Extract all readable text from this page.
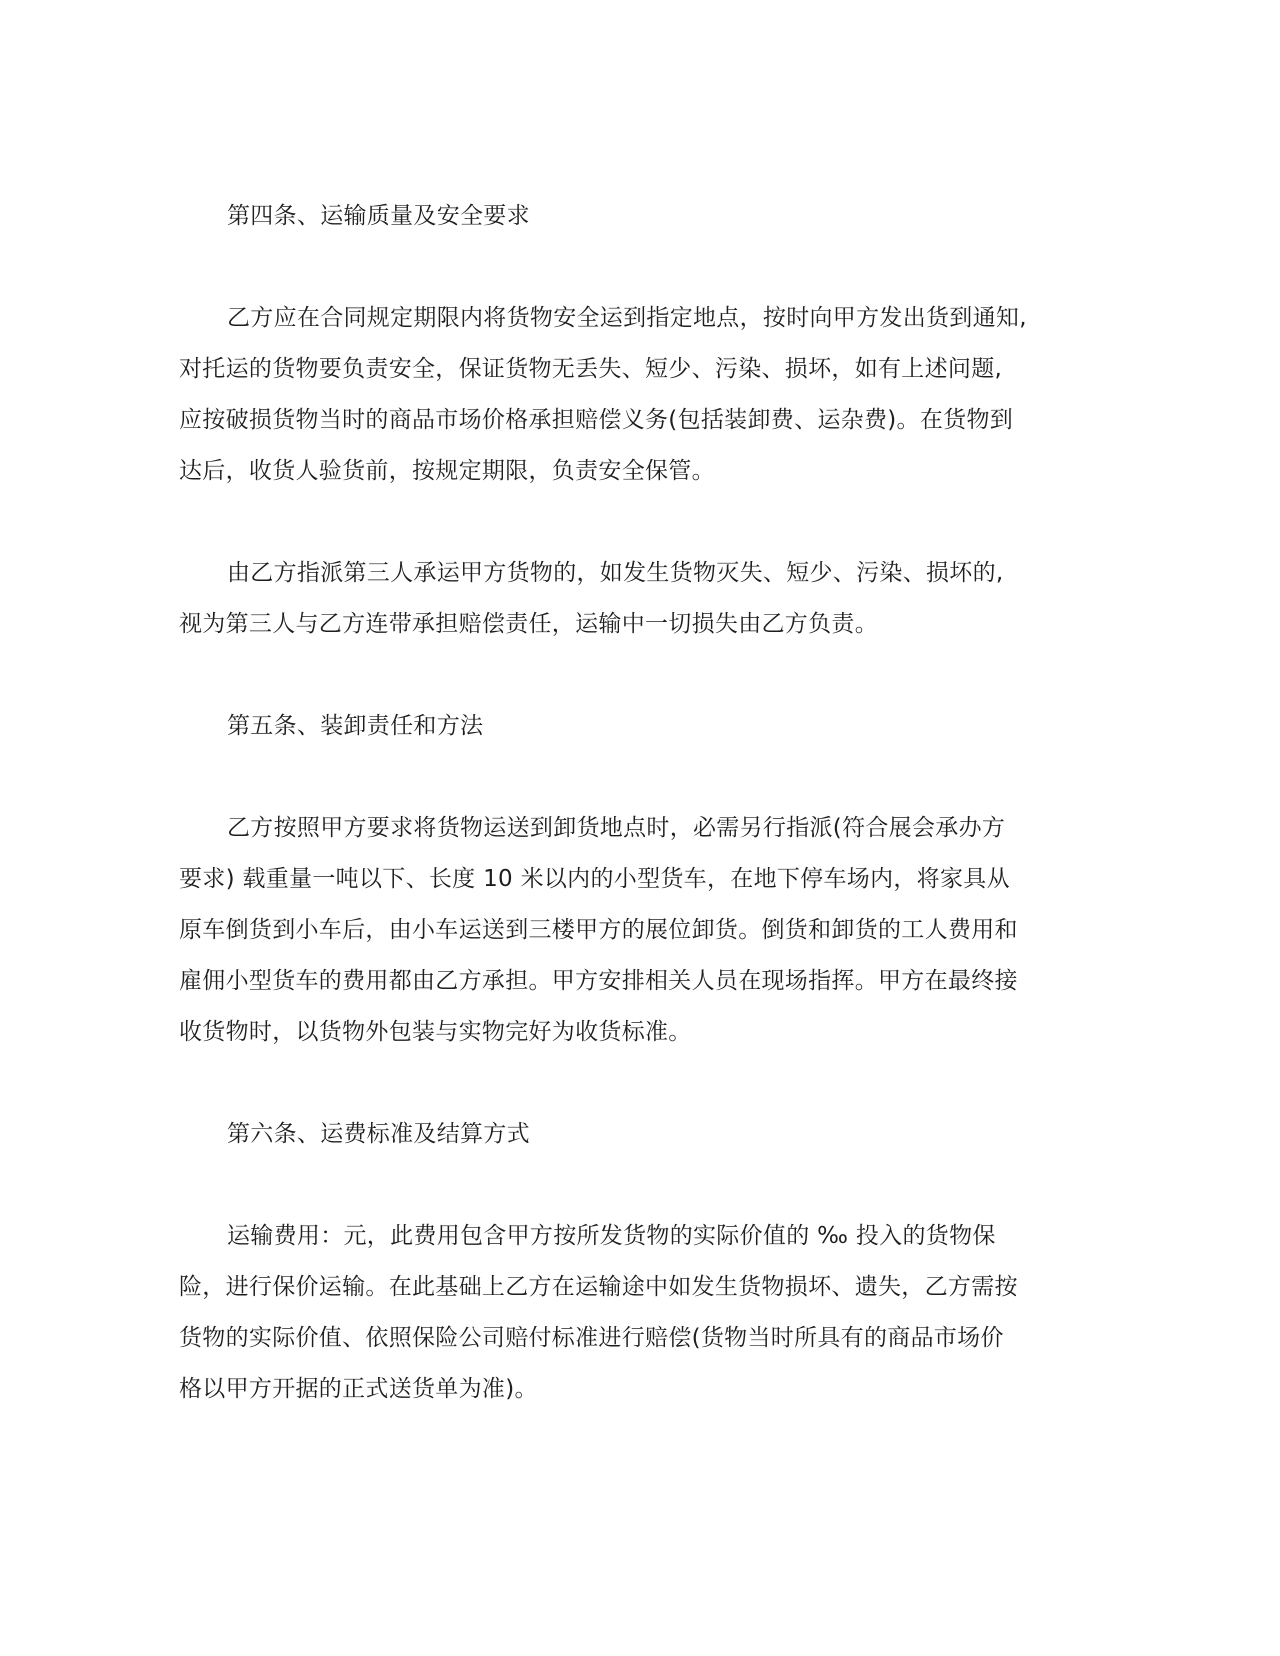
第四条、运输质量及安全要求
乙方应在合同规定期限内将货物安全运到指定地点，按时向甲方发出货到通知,
对托运的货物要负责安全，保证货物无丢失、短少、污染、损坏，如有上述问题,
应按破损货物当时的商品市场价格承担赔偿义务(包括装卸费、运杂费)。在货物到
达后，收货人验货前，按规定期限，负责安全保管。
由乙方指派第三人承运甲方货物的，如发生货物灭失、短少、污染、损坏的,
视为第三人与乙方连带承担赔偿责任，运输中一切损失由乙方负责。
第五条、装卸责任和方法
乙方按照甲方要求将货物运送到卸货地点时，必需另行指派(符合展会承办方
要求) 载重量一吨以下、长度 10 米以内的小型货车，在地下停车场内，将家具从
原车倒货到小车后，由小车运送到三楼甲方的展位卸货。倒货和卸货的工人费用和
雇佣小型货车的费用都由乙方承担。甲方安排相关人员在现场指挥。甲方在最终接
收货物时，以货物外包装与实物完好为收货标准。
第六条、运费标准及结算方式
运输费用：元，此费用包含甲方按所发货物的实际价值的 ‰ 投入的货物保
险，进行保价运输。在此基础上乙方在运输途中如发生货物损坏、遗失，乙方需按
货物的实际价值、依照保险公司赔付标准进行赔偿(货物当时所具有的商品市场价
格以甲方开据的正式送货单为准)。
